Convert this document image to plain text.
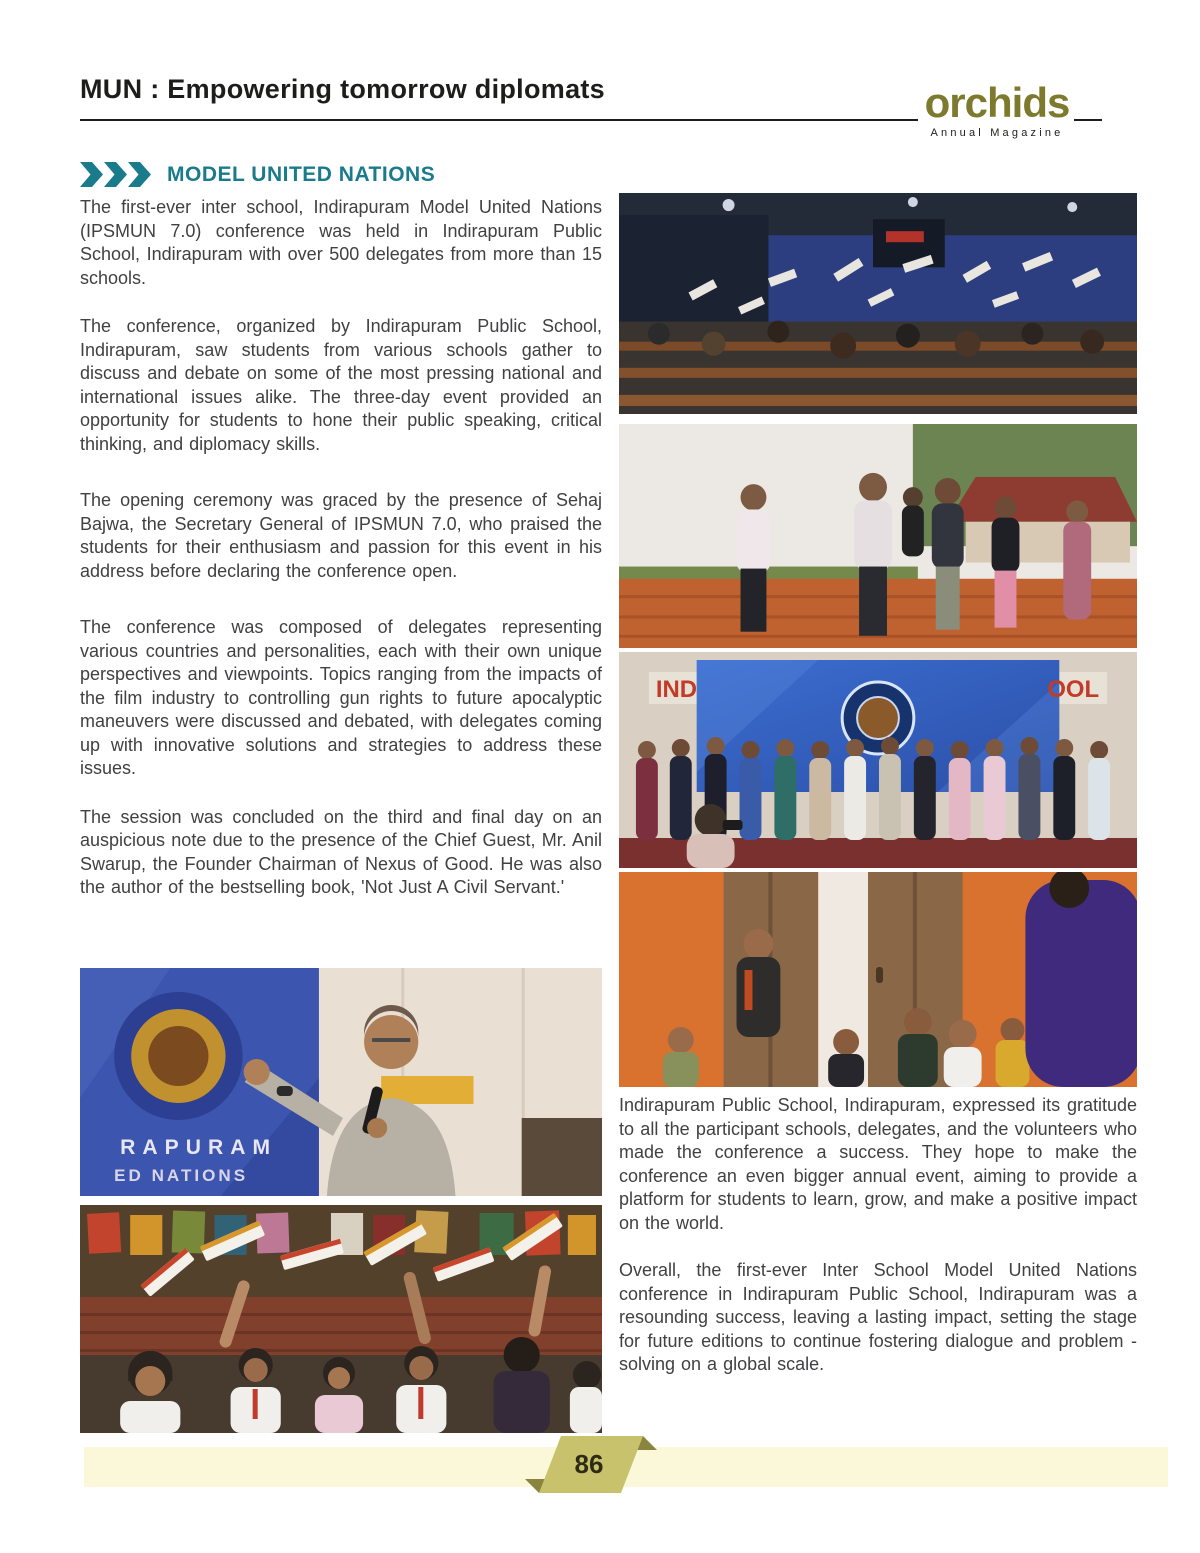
MUN : Empowering tomorrow diplomats	orchids
Annual Magazine
MODEL UNITED NATIONS

The first-ever inter school, Indirapuram Model United Nations (IPSMUN 7.0) conference was held in Indirapuram Public School, Indirapuram with over 500 delegates from more than 15 schools.

The conference, organized by Indirapuram Public School, Indirapuram, saw students from various schools gather to discuss and debate on some of the most pressing national and international issues alike. The three-day event provided an opportunity for students to hone their public speaking, critical thinking, and diplomacy skills.

The opening ceremony was graced by the presence of Sehaj Bajwa, the Secretary General of IPSMUN 7.0, who praised the students for their enthusiasm and passion for this event in his address before declaring the conference open.

The conference was composed of delegates representing various countries and personalities, each with their own unique perspectives and viewpoints. Topics ranging from the impacts of the film industry to controlling gun rights to future apocalyptic maneuvers were discussed and debated, with delegates coming up with innovative solutions and strategies to address these issues.

The session was concluded on the third and final day on an auspicious note due to the presence of the Chief Guest, Mr. Anil Swarup, the Founder Chairman of Nexus of Good. He was also the author of the bestselling book, 'Not Just A Civil Servant.'

IND	OOL
RAPURAM
ED NATIONS

Indirapuram Public School, Indirapuram, expressed its gratitude to all the participant schools, delegates, and the volunteers who made the conference a success. They hope to make the conference an even bigger annual event, aiming to provide a platform for students to learn, grow, and make a positive impact on the world.

Overall, the first-ever Inter School Model United Nations conference in Indirapuram Public School, Indirapuram was a resounding success, leaving a lasting impact, setting the stage for future editions to continue fostering dialogue and problem - solving on a global scale.

86
